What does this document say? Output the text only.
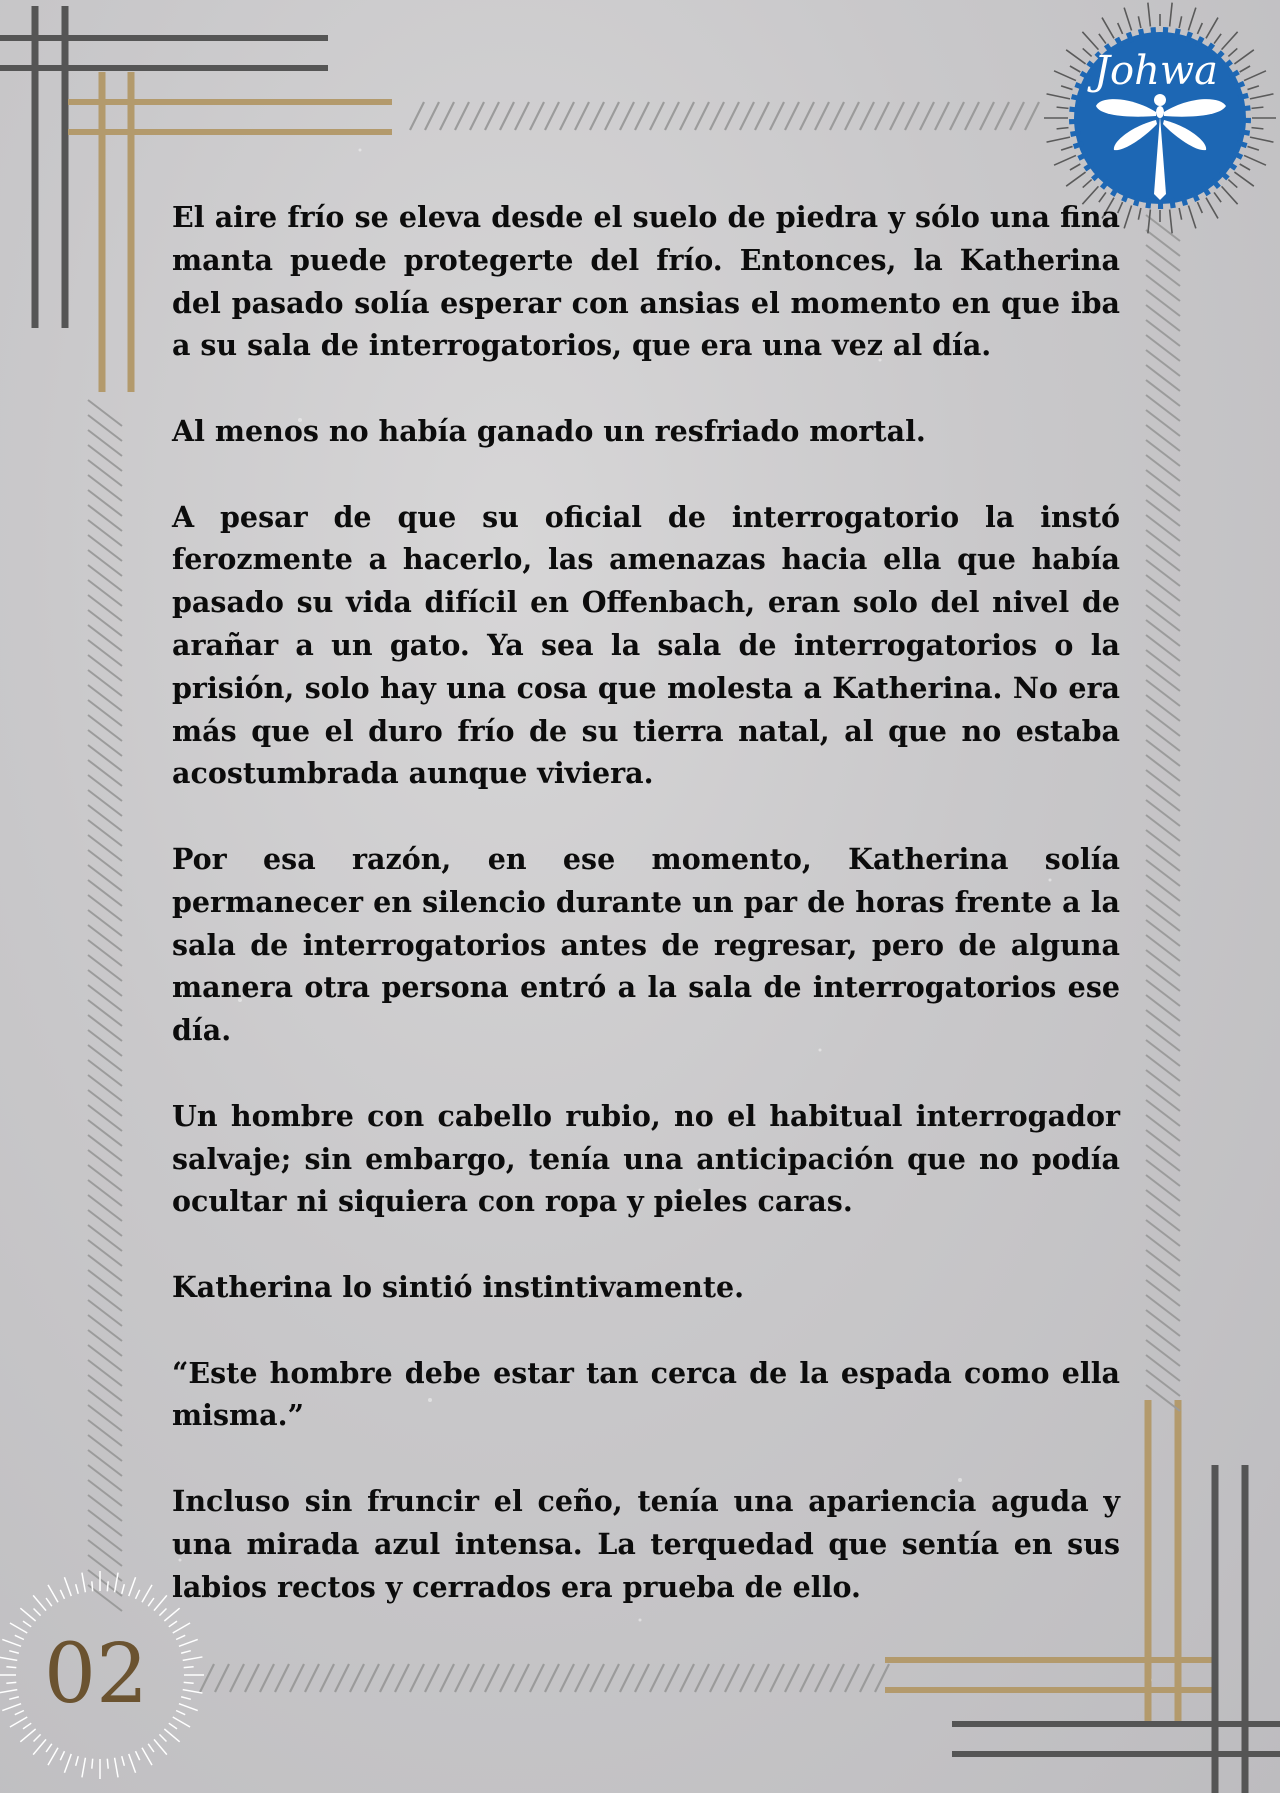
Johwa
02

El aire frío se eleva desde el suelo de piedra y sólo una fina manta puede protegerte del frío. Entonces, la Katherina del pasado solía esperar con ansias el momento en que iba a su sala de interrogatorios, que era una vez al día.

Al menos no había ganado un resfriado mortal.

A pesar de que su oficial de interrogatorio la instó ferozmente a hacerlo, las amenazas hacia ella que había pasado su vida difícil en Offenbach, eran solo del nivel de arañar a un gato. Ya sea la sala de interrogatorios o la prisión, solo hay una cosa que molesta a Katherina. No era más que el duro frío de su tierra natal, al que no estaba acostumbrada aunque viviera.

Por esa razón, en ese momento, Katherina solía permanecer en silencio durante un par de horas frente a la sala de interrogatorios antes de regresar, pero de alguna manera otra persona entró a la sala de interrogatorios ese día.

Un hombre con cabello rubio, no el habitual interrogador salvaje; sin embargo, tenía una anticipación que no podía ocultar ni siquiera con ropa y pieles caras.

Katherina lo sintió instintivamente.

“Este hombre debe estar tan cerca de la espada como ella misma.”

Incluso sin fruncir el ceño, tenía una apariencia aguda y una mirada azul intensa. La terquedad que sentía en sus labios rectos y cerrados era prueba de ello.
